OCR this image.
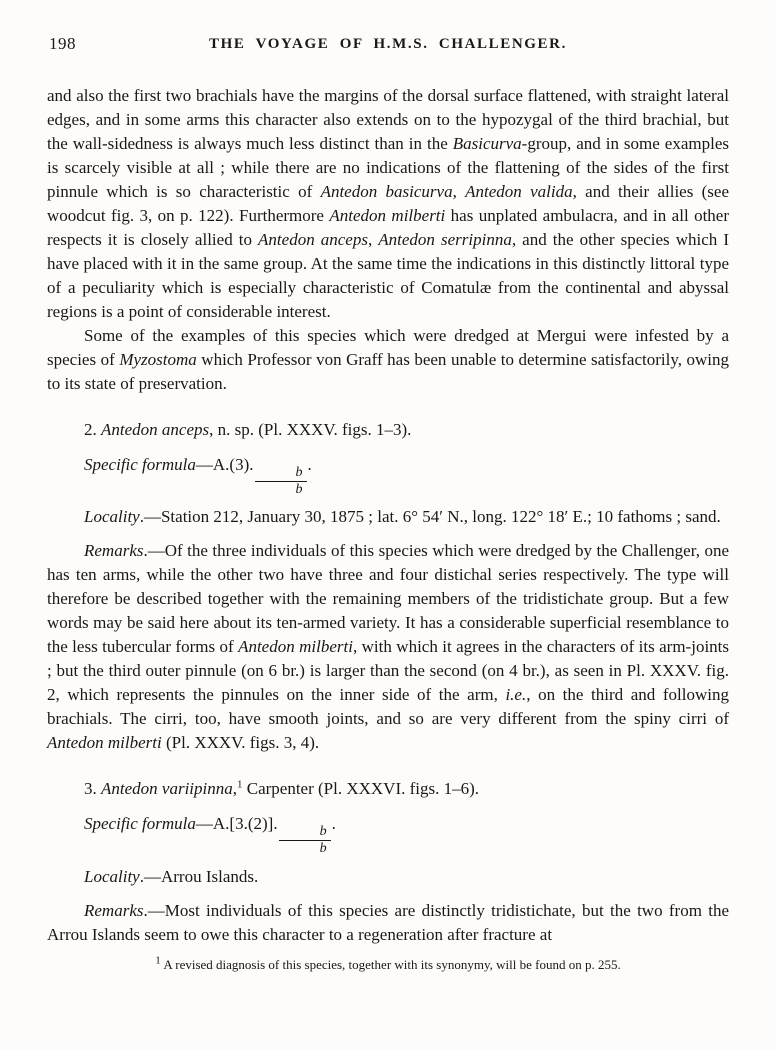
198	THE VOYAGE OF H.M.S. CHALLENGER.

and also the first two brachials have the margins of the dorsal surface flattened, with straight lateral edges, and in some arms this character also extends on to the hypozygal of the third brachial, but the wall-sidedness is always much less distinct than in the Basicurva-group, and in some examples is scarcely visible at all ; while there are no indications of the flattening of the sides of the first pinnule which is so characteristic of Antedon basicurva, Antedon valida, and their allies (see woodcut fig. 3, on p. 122). Furthermore Antedon milberti has unplated ambulacra, and in all other respects it is closely allied to Antedon anceps, Antedon serripinna, and the other species which I have placed with it in the same group. At the same time the indications in this distinctly littoral type of a peculiarity which is especially characteristic of Comatulæ from the continental and abyssal regions is a point of considerable interest.

Some of the examples of this species which were dredged at Mergui were infested by a species of Myzostoma which Professor von Graff has been unable to determine satisfactorily, owing to its state of preservation.

2. Antedon anceps, n. sp. (Pl. XXXV. figs. 1–3).

Specific formula—A.(3).
$\frac{b}{b}$
.

Locality.—Station 212, January 30, 1875 ; lat. 6° 54′ N., long. 122° 18′ E.; 10 fathoms ; sand.

Remarks.—Of the three individuals of this species which were dredged by the Challenger, one has ten arms, while the other two have three and four distichal series respectively. The type will therefore be described together with the remaining members of the tridistichate group. But a few words may be said here about its ten-armed variety. It has a considerable superficial resemblance to the less tubercular forms of Antedon milberti, with which it agrees in the characters of its arm-joints ; but the third outer pinnule (on 6 br.) is larger than the second (on 4 br.), as seen in Pl. XXXV. fig. 2, which represents the pinnules on the inner side of the arm, i.e., on the third and following brachials. The cirri, too, have smooth joints, and so are very different from the spiny cirri of Antedon milberti (Pl. XXXV. figs. 3, 4).

3. Antedon variipinna,$^1$ Carpenter (Pl. XXXVI. figs. 1–6).

Specific formula—A.[3.(2)].
$\frac{b}{b}$
.

Locality.—Arrou Islands.

Remarks.—Most individuals of this species are distinctly tridistichate, but the two from the Arrou Islands seem to owe this character to a regeneration after fracture at

$^1$ A revised diagnosis of this species, together with its synonymy, will be found on p. 255.
